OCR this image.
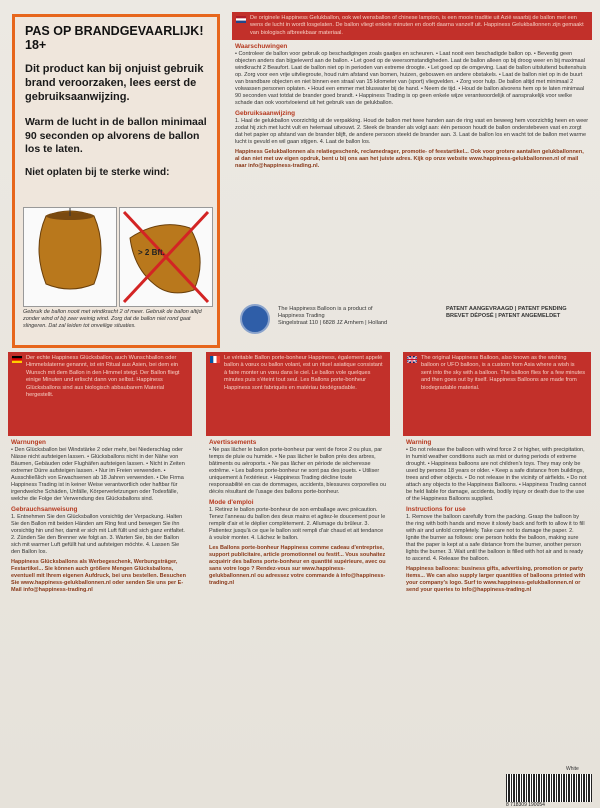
PAS OP BRANDGEVAARLIJK! 18+
Dit product kan bij onjuist gebruik brand veroorzaken, lees eerst de gebruiksaanwijzing.
Warm de lucht in de ballon minimaal 90 seconden op alvorens de ballon los te laten.
Niet oplaten bij te sterke wind:
> 2 Bft.
Gebruik de ballon nooit met windkracht 2 of meer. Gebruik de ballon altijd zonder wind of bij zeer weinig wind. Zorg dat de ballon niet rond gaat slingeren. Dat zal leiden tot onveilige situaties.
De originele Happiness Gelukballon, ook wel wensballon of chinese lampion, is een mooie traditie uit Azië waarbij de ballon met een wens de lucht in wordt losgelaten. De ballon vliegt enkele minuten en dooft daarna vanzelf uit. Happiness Gelukballonnen zijn gemaakt van biologisch afbreekbaar materiaal.
Waarschuwingen
• Controleer de ballon voor gebruik op beschadigingen zoals gaatjes en scheuren. • Laat nooit een beschadigde ballon op. • Bevestig geen objecten anders dan bijgeleverd aan de ballon. • Let goed op de weersomstandigheden. Laat de ballon alleen op bij droog weer en bij maximaal windkracht 2 Beaufort. Laat de ballon niet op in perioden van extreme droogte. • Let goed op de omgeving. Laat de ballon uitsluitend buitenshuis op. Zorg voor een vrije uitvliegroute, houd ruim afstand van bomen, huizen, gebouwen en andere obstakels. • Laat de ballon niet op in de buurt van brandbare objecten en niet binnen een straal van 15 kilometer van (sport) vliegvelden. • Zorg voor hulp. De ballon altijd met minimaal 2 volwassen personen oplaten. • Houd een emmer met bluswater bij de hand. • Neem de tijd. • Houd de ballon alvorens hem op te laten minimaal 90 seconden vast totdat de brander goed brandt. • Happiness Trading is op geen enkele wijze verantwoordelijk of aansprakelijk voor welke schade dan ook voortvloeiend uit het gebruik van de gelukballon.
Gebruiksaanwijzing
1. Haal de gelukballon voorzichtig uit de verpakking. Houd de ballon met twee handen aan de ring vast en beweeg hem voorzichtig heen en weer zodat hij zich met lucht vult en helemaal uitvouwt. 2. Steek de brander als volgt aan: één persoon houdt de ballon onderstebeven vast en zorgt dat het papier op afstand van de brander blijft, de andere persoon steekt de brander aan. 3. Laat de ballon los en wacht tot de ballon met warme lucht is gevuld en wil gaan stijgen. 4. Laat de ballon los.
Happiness Gelukballonnen als relatiegeschenk, reclamedrager, promotie- of feestartikel... Ook voor grotere aantallen gelukballonnen, al dan niet met uw eigen opdruk, bent u bij ons aan het juiste adres. Kijk op onze website www.happiness-gelukballonnen.nl of mail naar info@happiness-trading.nl.
The Happiness Balloon is a product of
Happiness Trading
Singelstraat 110 | 6828 JZ Arnhem | Holland
PATENT AANGEVRAAGD | PATENT PENDING
BREVET DÉPOSÉ | PATENT ANGEMELDET
Der echte Happiness Glücksballon, auch Wunschballon oder Himmelslaterne genannt, ist ein Ritual aus Asien, bei dem ein Wunsch mit dem Ballon in den Himmel steigt. Der Ballon fliegt einige Minuten und erlischt dann von selbst. Happiness Glücksballons sind aus biologisch abbaubarem Material hergestellt.
Warnungen
• Den Glücksballon bei Windstärke 2 oder mehr, bei Niederschlag oder Nässe nicht aufsteigen lassen. • Glücksballons nicht in der Nähe von Bäumen, Gebäuden oder Flughäfen aufsteigen lassen. • Nicht in Zeiten extremer Dürre aufsteigen lassen. • Nur im Freien verwenden. • Ausschließlich von Erwachsenen ab 18 Jahren verwenden. • Die Firma Happiness Trading ist in keiner Weise verantwortlich oder haftbar für irgendwelche Schäden, Unfälle, Körperverletzungen oder Todesfälle, welche die Folge der Verwendung des Glücksballons sind.
Gebrauchsanweisung
1. Entnehmen Sie den Glücksballon vorsichtig der Verpackung. Halten Sie den Ballon mit beiden Händen am Ring fest und bewegen Sie ihn vorsichtig hin und her, damit er sich mit Luft füllt und sich ganz entfaltet. 2. Zünden Sie den Brenner wie folgt an. 3. Warten Sie, bis der Ballon sich mit warmer Luft gefüllt hat und aufsteigen möchte. 4. Lassen Sie den Ballon los.
Happiness Glücksballons als Werbegeschenk, Werbungsträger, Festartikel... Sie können auch größere Mengen Glücksballons, eventuell mit Ihrem eigenen Aufdruck, bei uns bestellen. Besuchen Sie www.happiness-gelukballonnen.nl oder senden Sie uns per E-Mail info@happiness-trading.nl
Le véritable Ballon porte-bonheur Happiness, également appelé ballon à vœux ou ballon volant, est un rituel asiatique consistant à faire monter un vœu dans le ciel. Le ballon vole quelques minutes puis s'éteint tout seul. Les Ballons porte-bonheur Happiness sont fabriqués en matériau biodégradable.
Avertissements
• Ne pas lâcher le ballon porte-bonheur par vent de force 2 ou plus, par temps de pluie ou humide. • Ne pas lâcher le ballon près des arbres, bâtiments ou aéroports. • Ne pas lâcher en période de sécheresse extrême. • Les ballons porte-bonheur ne sont pas des jouets. • Utiliser uniquement à l'extérieur. • Happiness Trading décline toute responsabilité en cas de dommages, accidents, blessures corporelles ou décès résultant de l'usage des ballons porte-bonheur.
Mode d'emploi
1. Retirez le ballon porte-bonheur de son emballage avec précaution. Tenez l'anneau du ballon des deux mains et agitez-le doucement pour le remplir d'air et le déplier complètement. 2. Allumage du brûleur. 3. Patientez jusqu'à ce que le ballon soit rempli d'air chaud et ait tendance à vouloir monter. 4. Lâchez le ballon.
Les Ballons porte-bonheur Happiness comme cadeau d'entreprise, support publicitaire, article promotionnel ou festif... Vous souhaitez acquérir des ballons porte-bonheur en quantité supérieure, avec ou sans votre logo ? Rendez-vous sur www.happiness-gelukballonnen.nl ou adressez votre commande à info@happiness-trading.nl
The original Happiness Balloon, also known as the wishing balloon or UFO balloon, is a custom from Asia where a wish is sent into the sky with a balloon. The balloon flies for a few minutes and then goes out by itself. Happiness Balloons are made from biodegradable material.
Warning
• Do not release the balloon with wind force 2 or higher, with precipitation, in humid weather conditions such as mist or during periods of extreme drought. • Happiness balloons are not children's toys. They may only be used by persons 18 years or older. • Keep a safe distance from buildings, trees and other objects. • Do not release in the vicinity of airfields. • Do not attach any objects to the Happiness Balloons. • Happiness Trading cannot be held liable for damage, accidents, bodily injury or death due to the use of the Happiness Balloons supplied.
Instructions for use
1. Remove the balloon carefully from the packing. Grasp the balloon by the ring with both hands and move it slowly back and forth to allow it to fill with air and unfold completely. Take care not to damage the paper. 2. Ignite the burner as follows: one person holds the balloon, making sure that the paper is kept at a safe distance from the burner, another person lights the burner. 3. Wait until the balloon is filled with hot air and is ready to ascend. 4. Release the balloon.
Happiness balloons: business gifts, advertising, promotion or party items... We can also supply larger quantities of balloons printed with your company's logo. Surf to www.happiness-gelukballonnen.nl or send your queries to info@happiness-trading.nl
White
8 718309 190054
